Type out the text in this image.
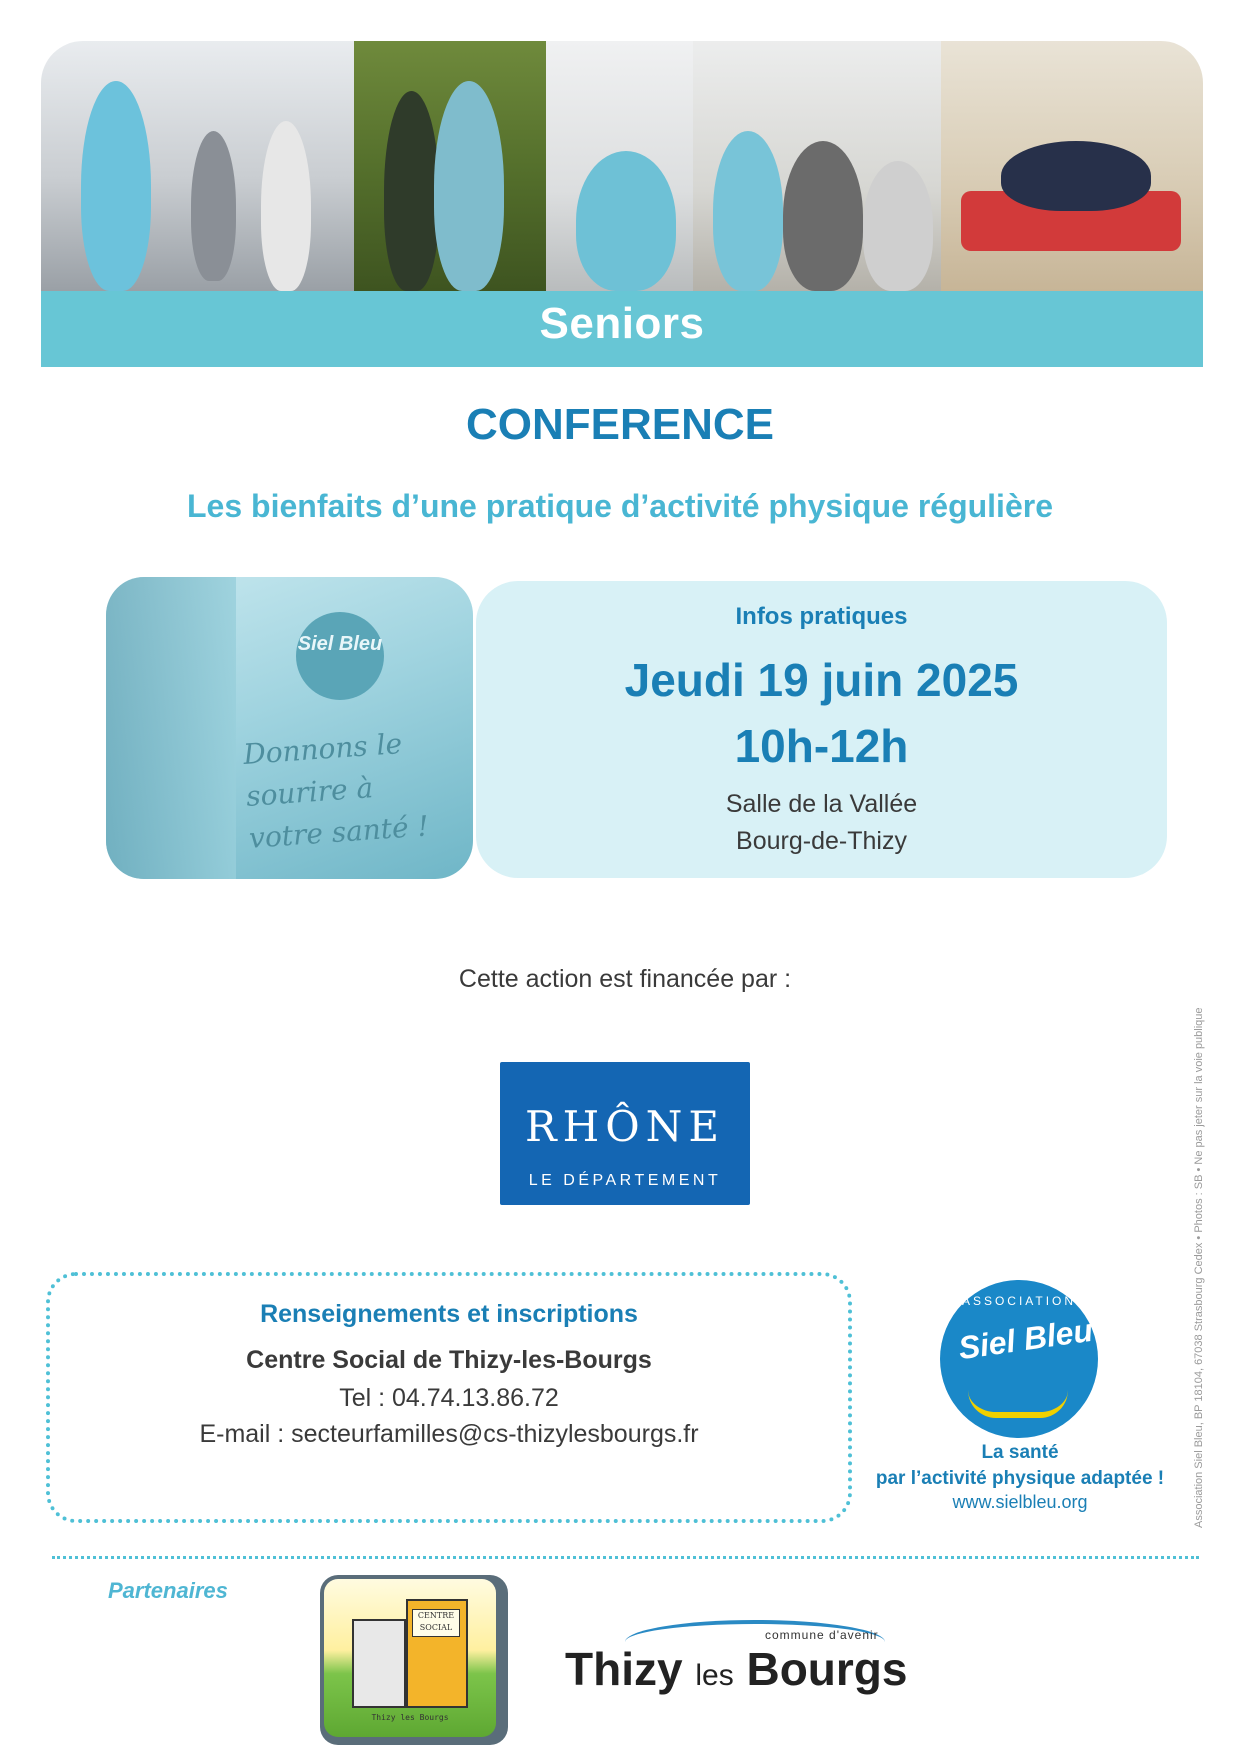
Seniors
CONFERENCE
Les bienfaits d’une pratique d’activité physique régulière
Siel Bleu
Donnons le sourire à votre santé !
Infos pratiques
Jeudi 19 juin 2025
10h-12h
Salle de la Vallée
Bourg-de-Thizy
Cette action est financée par :
RHÔNE
LE DÉPARTEMENT
Renseignements et inscriptions
Centre Social de Thizy-les-Bourgs
Tel : 04.74.13.86.72
E-mail : secteurfamilles@cs-thizylesbourgs.fr
ASSOCIATION
Siel Bleu
La santé
par l’activité physique adaptée !
www.sielbleu.org	Association Siel Bleu, BP 18104, 67038 Strasbourg Cedex • Photos : SB • Ne pas jeter sur la voie publique
Partenaires
CENTRE SOCIAL
Thizy les Bourgs
commune d'avenir
Thizy les Bourgs
